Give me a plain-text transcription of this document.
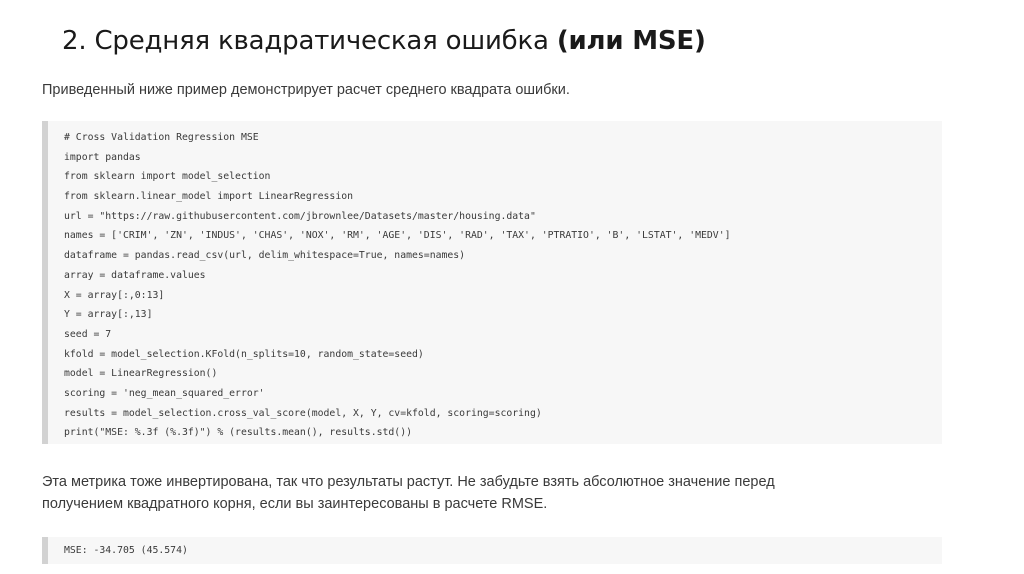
2. Средняя квадратическая ошибка (или MSE)

Приведенный ниже пример демонстрирует расчет среднего квадрата ошибки.

# Cross Validation Regression MSE
import pandas
from sklearn import model_selection
from sklearn.linear_model import LinearRegression
url = "https://raw.githubusercontent.com/jbrownlee/Datasets/master/housing.data"
names = ['CRIM', 'ZN', 'INDUS', 'CHAS', 'NOX', 'RM', 'AGE', 'DIS', 'RAD', 'TAX', 'PTRATIO', 'B', 'LSTAT', 'MEDV']
dataframe = pandas.read_csv(url, delim_whitespace=True, names=names)
array = dataframe.values
X = array[:,0:13]
Y = array[:,13]
seed = 7
kfold = model_selection.KFold(n_splits=10, random_state=seed)
model = LinearRegression()
scoring = 'neg_mean_squared_error'
results = model_selection.cross_val_score(model, X, Y, cv=kfold, scoring=scoring)
print("MSE: %.3f (%.3f)") % (results.mean(), results.std())

Эта метрика тоже инвертирована, так что результаты растут. Не забудьте взять абсолютное значение перед
получением квадратного корня, если вы заинтересованы в расчете RMSE.

MSE: -34.705 (45.574)
